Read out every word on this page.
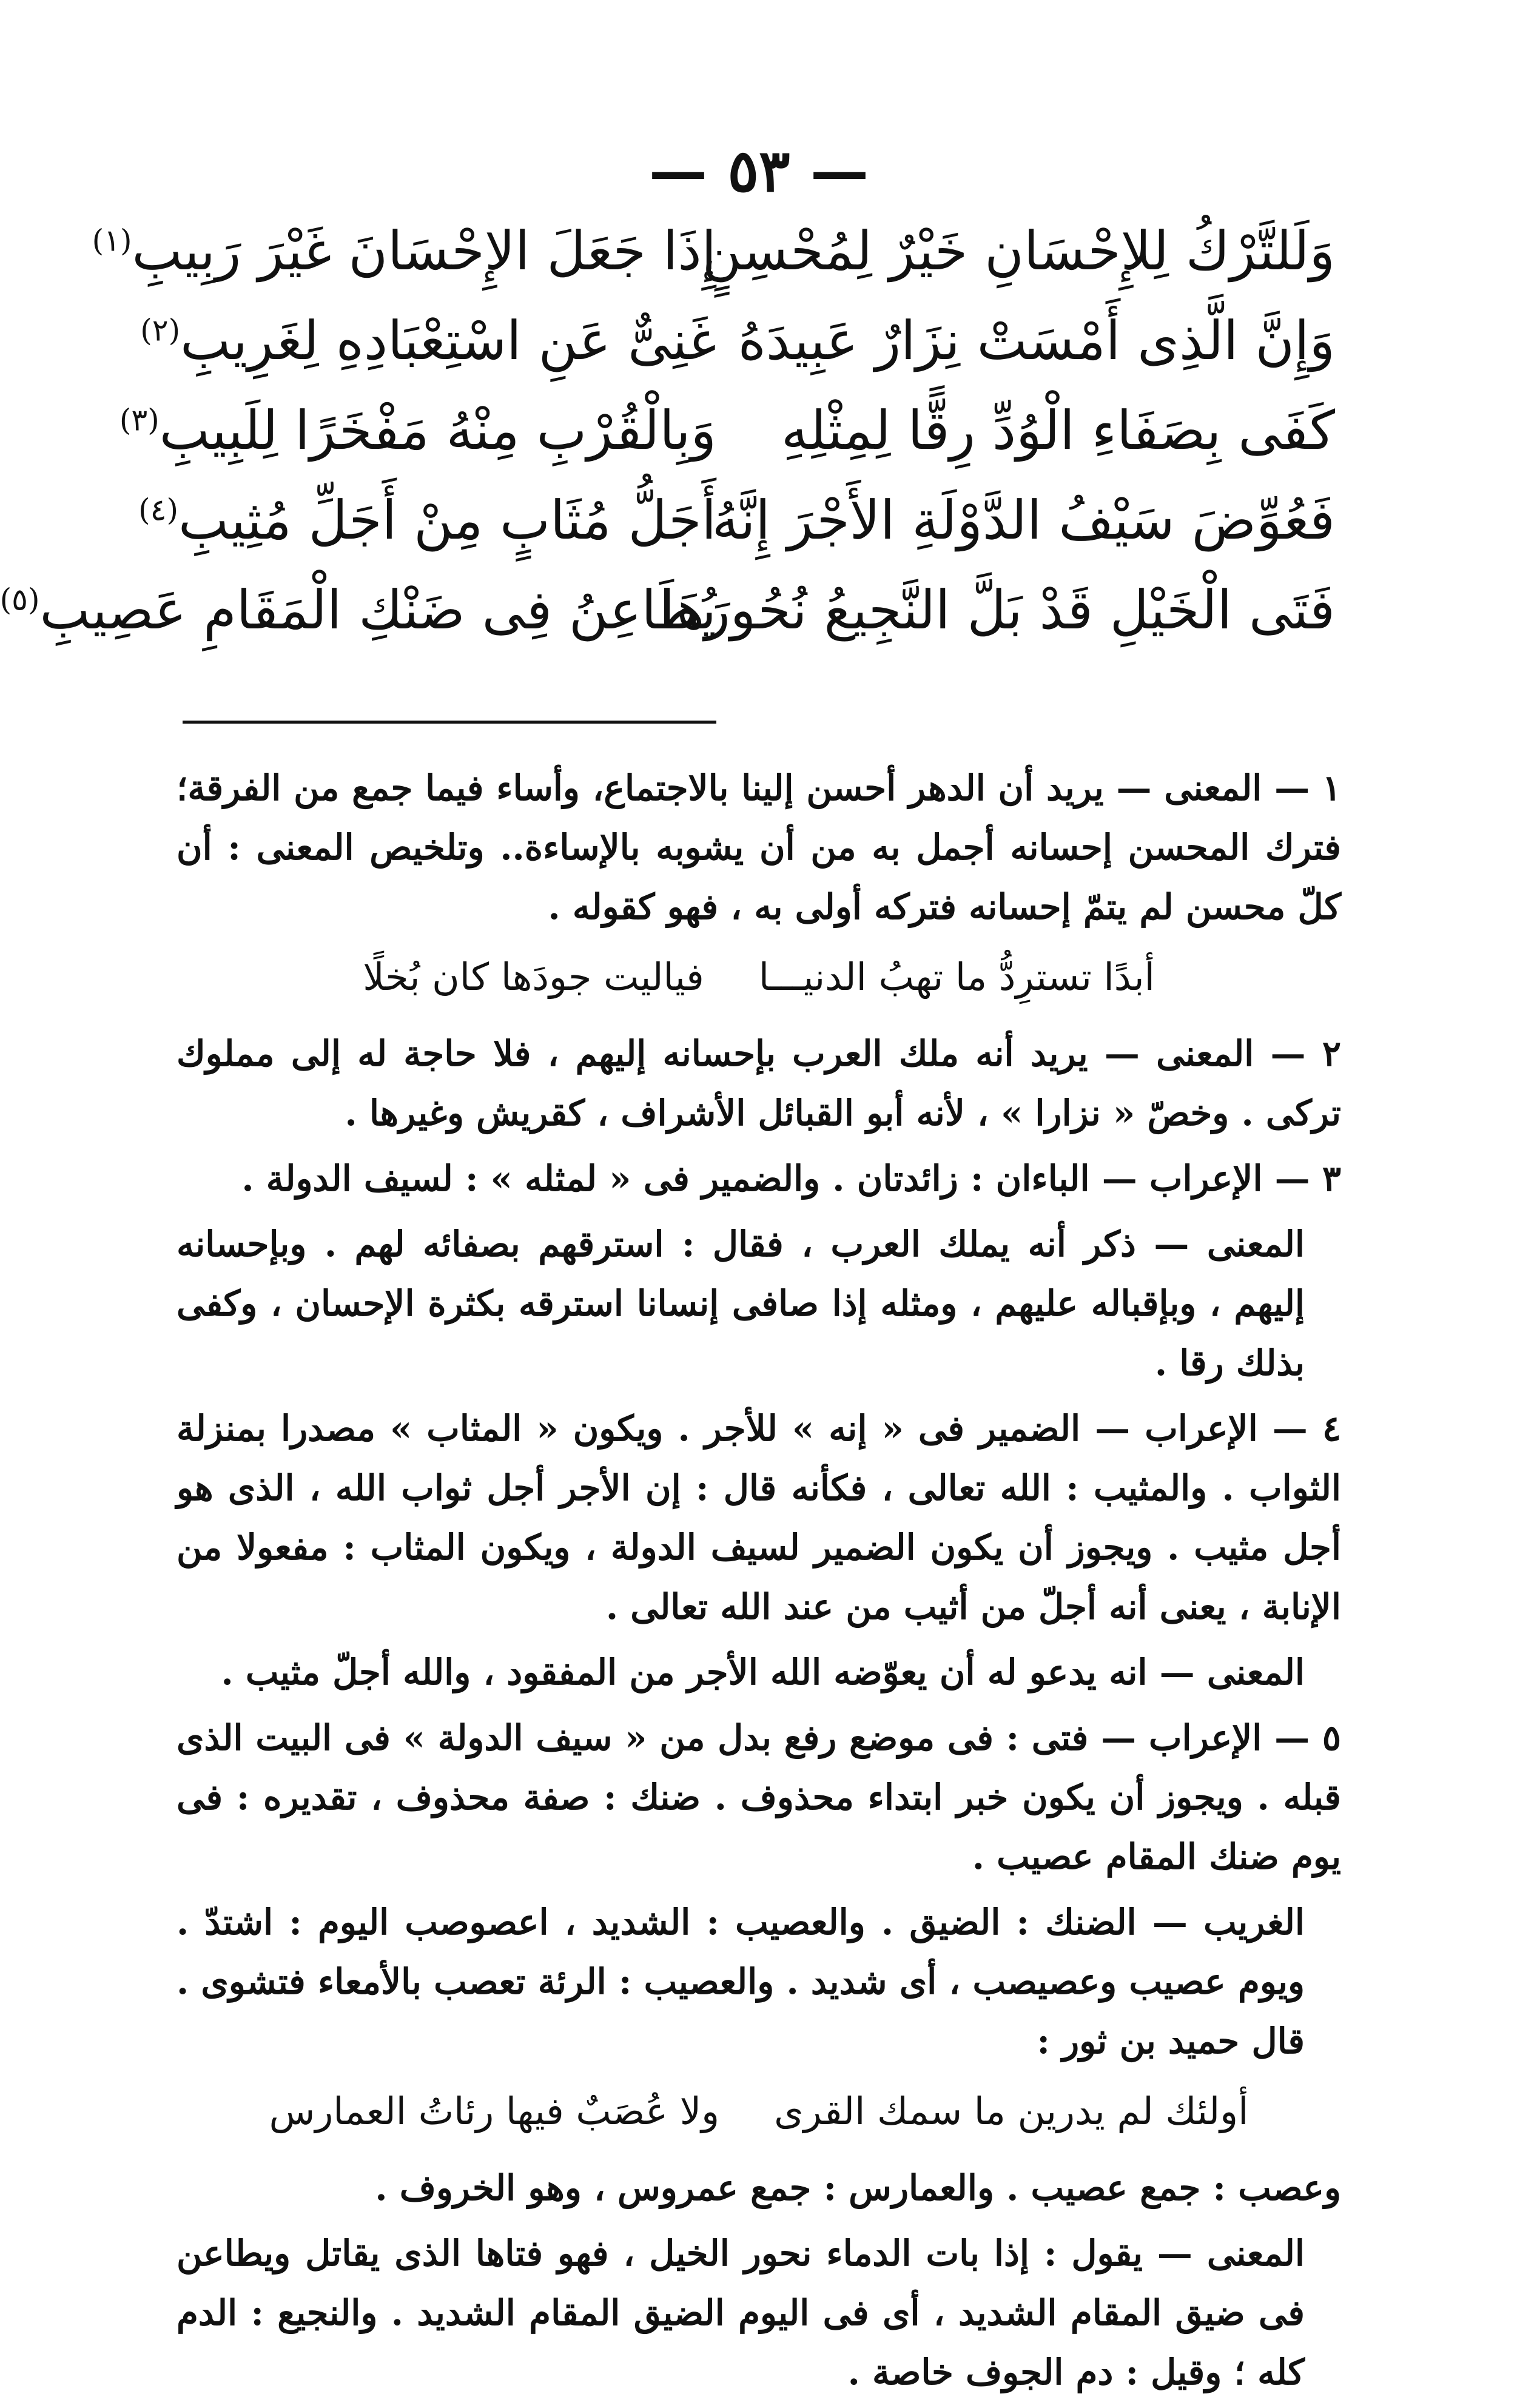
— ٥٣ —
وَلَلتَّرْكُ لِلإِحْسَانِ خَيْرٌ لِمُحْسِنٍ
إِذَا جَعَلَ الإِحْسَانَ غَيْرَ رَبِيبِ$^{(١)}$
وَإِنَّ الَّذِى أَمْسَتْ نِزَارٌ عَبِيدَهُ
غَنِىٌّ عَنِ اسْتِعْبَادِهِ لِغَرِيبِ$^{(٢)}$
كَفَى بِصَفَاءِ الْوُدِّ رِقًّا لِمِثْلِهِ
وَبِالْقُرْبِ مِنْهُ مَفْخَرًا لِلَبِيبِ$^{(٣)}$
فَعُوِّضَ سَيْفُ الدَّوْلَةِ الأَجْرَ إِنَّهُ
أَجَلُّ مُثَابٍ مِنْ أَجَلِّ مُثِيبِ$^{(٤)}$
فَتَى الْخَيْلِ قَدْ بَلَّ النَّجِيعُ نُحُورَهَا
يُطَاعِنُ فِى ضَنْكِ الْمَقَامِ عَصِيبِ$^{(٥)}$

١ — المعنى — يريد أن الدهر أحسن إلينا بالاجتماع، وأساء فيما جمع من الفرقة؛ فترك المحسن إحسانه أجمل به من أن يشوبه بالإساءة.. وتلخيص المعنى : أن كلّ محسن لم يتمّ إحسانه فتركه أولى به ، فهو كقوله .

أبدًا تسترِدُّ ما تهبُ الدنيـــافياليت جودَها كان بُخلًا

٢ — المعنى — يريد أنه ملك العرب بإحسانه إليهم ، فلا حاجة له إلى مملوك تركى . وخصّ « نزارا » ، لأنه أبو القبائل الأشراف ، كقريش وغيرها .

٣ — الإعراب — الباءان : زائدتان . والضمير فى « لمثله » : لسيف الدولة .

المعنى — ذكر أنه يملك العرب ، فقال : استرقهم بصفائه لهم . وبإحسانه إليهم ، وبإقباله عليهم ، ومثله إذا صافى إنسانا استرقه بكثرة الإحسان ، وكفى بذلك رقا .

٤ — الإعراب — الضمير فى « إنه » للأجر . ويكون « المثاب » مصدرا بمنزلة الثواب . والمثيب : الله تعالى ، فكأنه قال : إن الأجر أجل ثواب الله ، الذى هو أجل مثيب . ويجوز أن يكون الضمير لسيف الدولة ، ويكون المثاب : مفعولا من الإنابة ، يعنى أنه أجلّ من أثيب من عند الله تعالى .

المعنى — انه يدعو له أن يعوّضه الله الأجر من المفقود ، والله أجلّ مثيب .

٥ — الإعراب — فتى : فى موضع رفع بدل من « سيف الدولة » فى البيت الذى قبله . ويجوز أن يكون خبر ابتداء محذوف . ضنك : صفة محذوف ، تقديره : فى يوم ضنك المقام عصيب .

الغريب — الضنك : الضيق . والعصيب : الشديد ، اعصوصب اليوم : اشتدّ . ويوم عصيب وعصيصب ، أى شديد . والعصيب : الرئة تعصب بالأمعاء فتشوى . قال حميد بن ثور :

أولئك لم يدرين ما سمك القرىولا عُصَبٌ فيها رئاتُ العمارس

وعصب : جمع عصيب . والعمارس : جمع عمروس ، وهو الخروف .

المعنى — يقول : إذا بات الدماء نحور الخيل ، فهو فتاها الذى يقاتل ويطاعن فى ضيق المقام الشديد ، أى فى اليوم الضيق المقام الشديد . والنجيع : الدم كله ؛ وقيل : دم الجوف خاصة .
